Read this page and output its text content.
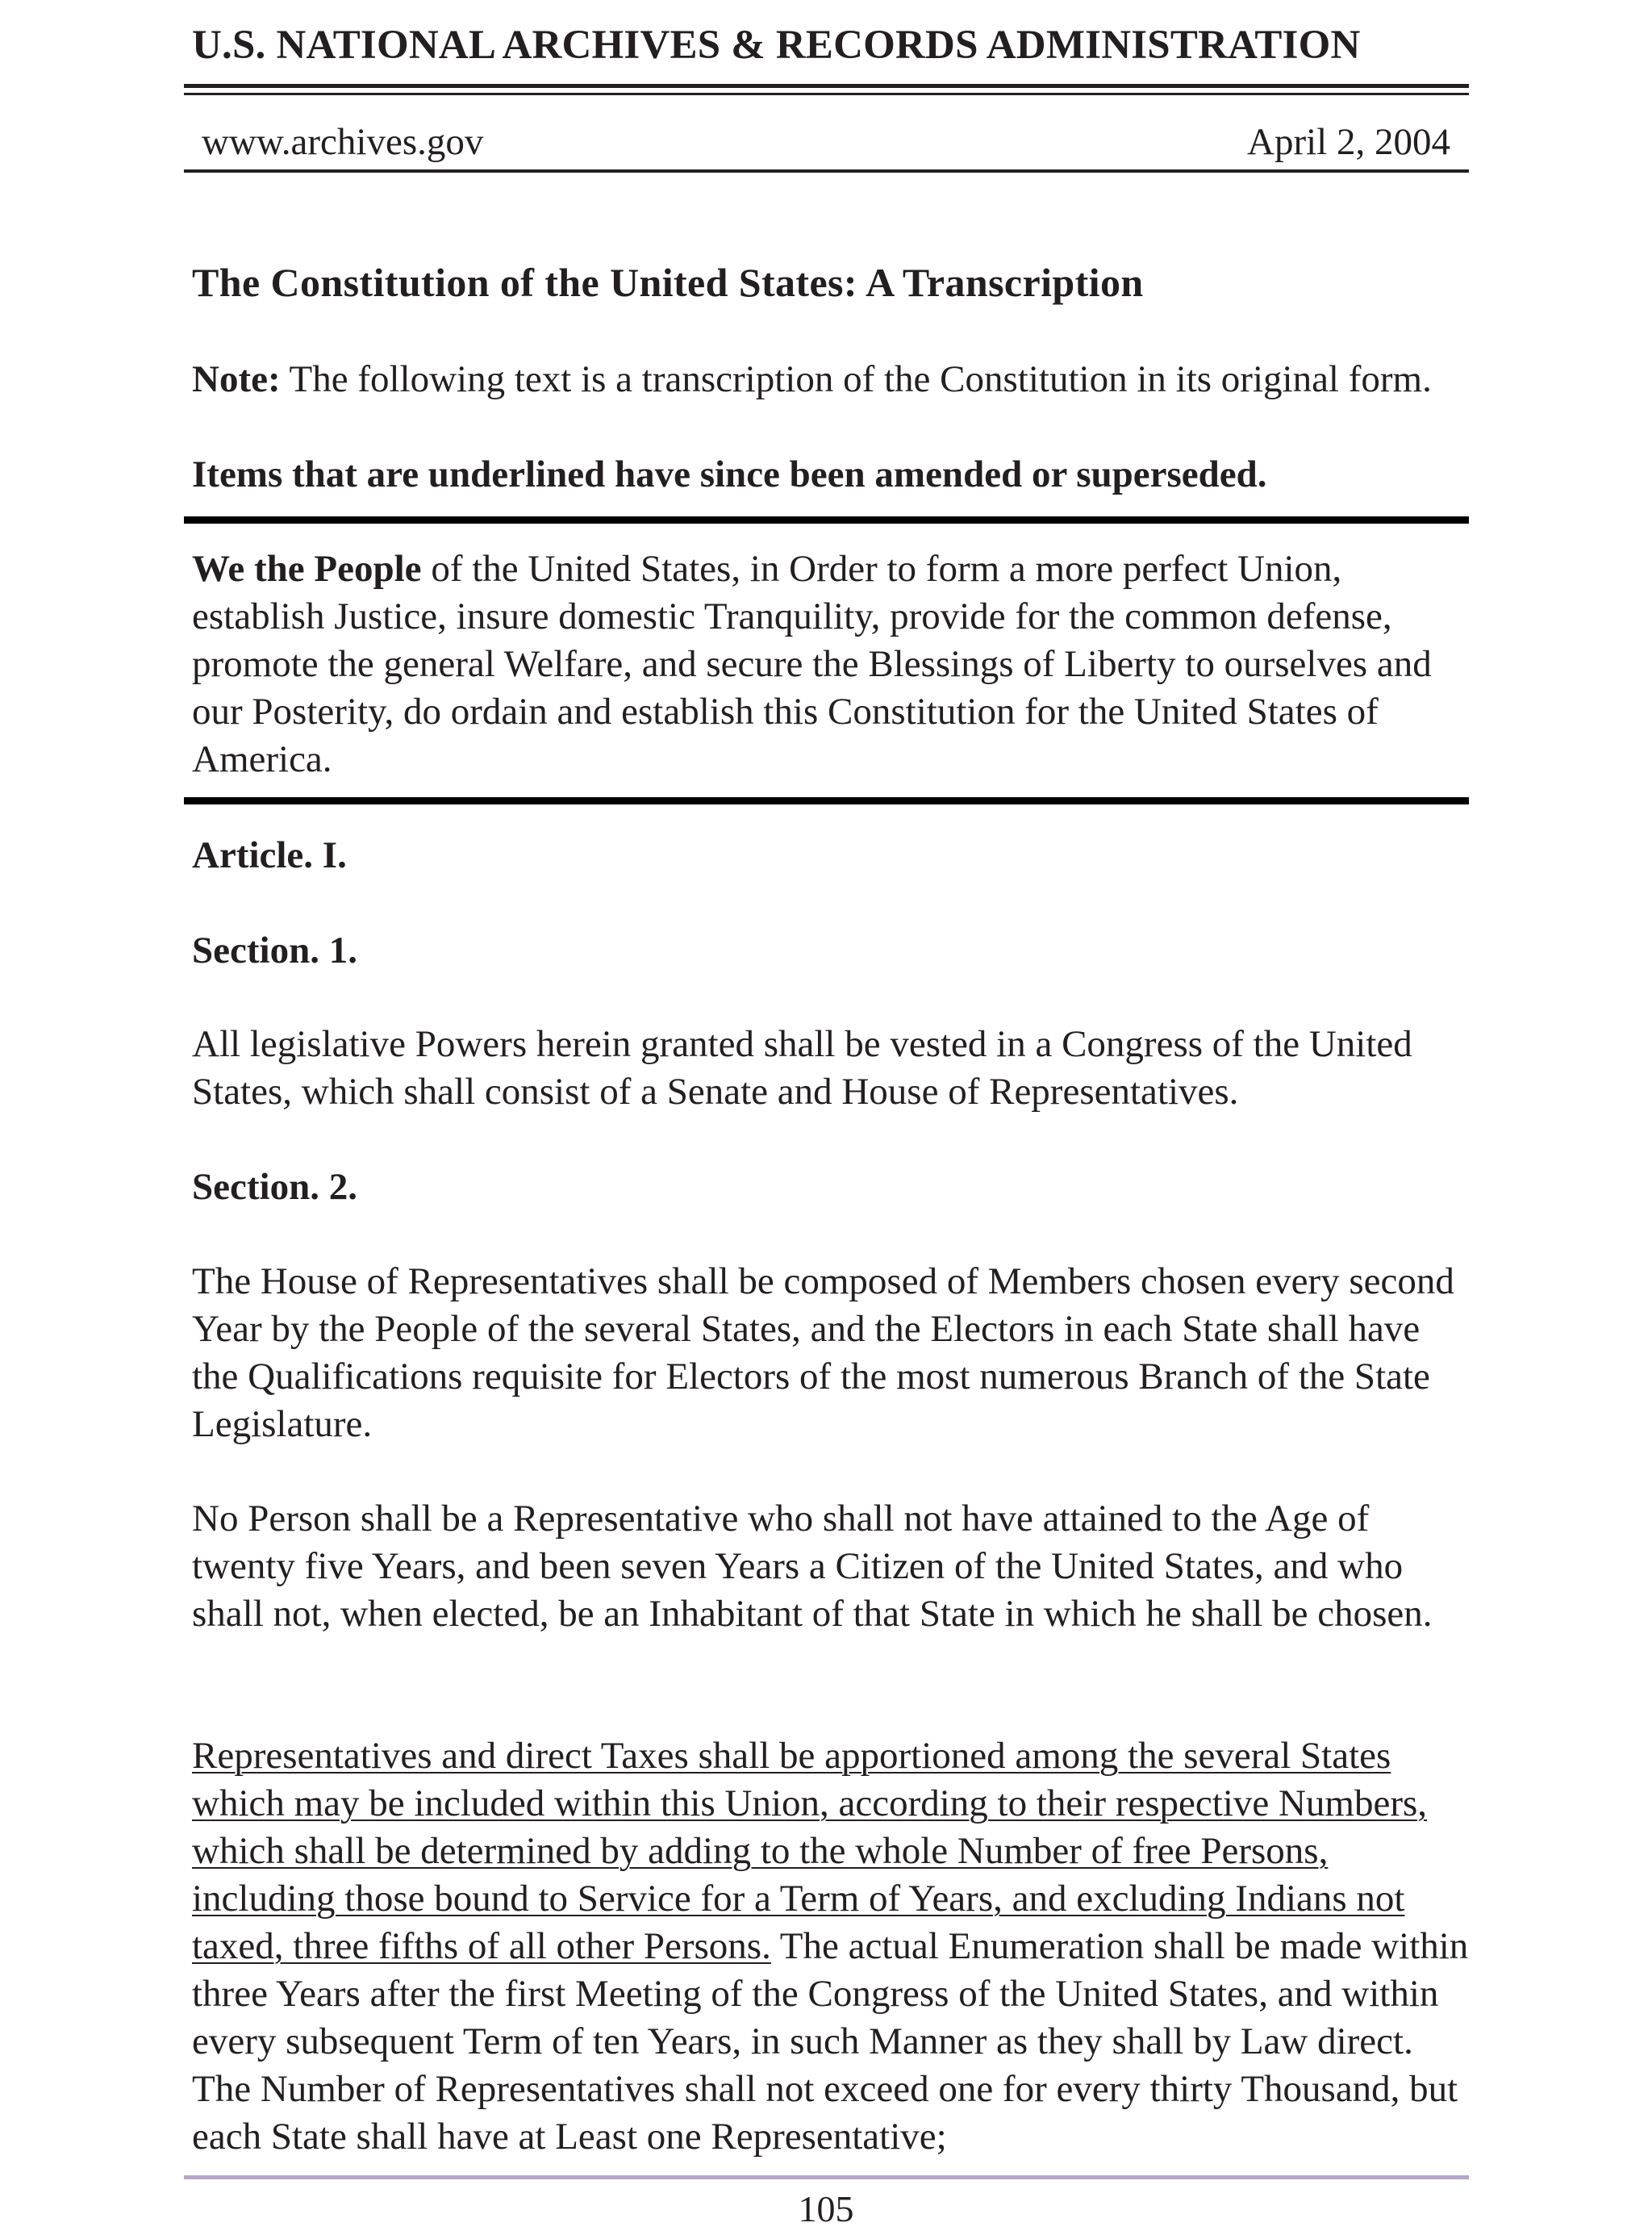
U.S. NATIONAL ARCHIVES & RECORDS ADMINISTRATION
www.archives.gov	April 2, 2004
The Constitution of the United States: A Transcription

Note: The following text is a transcription of the Constitution in its original form.

Items that are underlined have since been amended or superseded.

We the People of the United States, in Order to form a more perfect Union, establish Justice, insure domestic Tranquility, provide for the common defense, promote the general Welfare, and secure the Blessings of Liberty to ourselves and our Posterity, do ordain and establish this Constitution for the United States of America.

Article. I.
Section. 1.

All legislative Powers herein granted shall be vested in a Congress of the United States, which shall consist of a Senate and House of Representatives.

Section. 2.

The House of Representatives shall be composed of Members chosen every second Year by the People of the several States, and the Electors in each State shall have the Qualifications requisite for Electors of the most numerous Branch of the State Legislature.

No Person shall be a Representative who shall not have attained to the Age of twenty five Years, and been seven Years a Citizen of the United States, and who shall not, when elected, be an Inhabitant of that State in which he shall be chosen.

Representatives and direct Taxes shall be apportioned among the several States which may be included within this Union, according to their respective Numbers, which shall be determined by adding to the whole Number of free Persons, including those bound to Service for a Term of Years, and excluding Indians not taxed, three fifths of all other Persons. The actual Enumeration shall be made within three Years after the first Meeting of the Congress of the United States, and within every subsequent Term of ten Years, in such Manner as they shall by Law direct. The Number of Representatives shall not exceed one for every thirty Thousand, but each State shall have at Least one Representative;

105
